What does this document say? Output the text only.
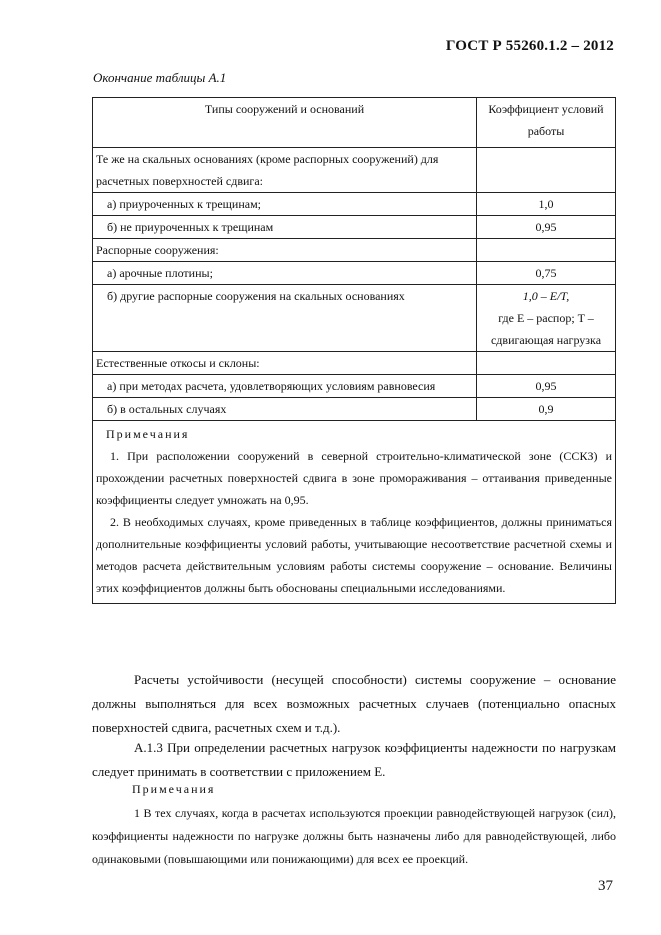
ГОСТ Р 55260.1.2 – 2012
Окончание таблицы А.1
Типы сооружений и оснований	Коэффициент условий работы
Те же на скальных основаниях (кроме распорных сооружений) для расчетных поверхностей сдвига:	
а) приуроченных к трещинам;	1,0
б) не приуроченных к трещинам	0,95
Распорные сооружения:	
а) арочные плотины;	0,75
б) другие распорные сооружения на скальных основаниях	1,0 – E/T,
где E – распор; T –
сдвигающая нагрузка

Естественные откосы и склоны:	
а) при методах расчета, удовлетворяющих условиям равновесия	0,95
б) в остальных случаях	0,9

Примечания
1. При расположении сооружений в северной строительно-климатической зоне (ССКЗ) и прохождении расчетных поверхностей сдвига в зоне промораживания – оттаивания приведенные коэффициенты следует умножать на 0,95.
2. В необходимых случаях, кроме приведенных в таблице коэффициентов, должны приниматься дополнительные коэффициенты условий работы, учитывающие несоответствие расчетной схемы и методов расчета действительным условиям работы системы сооружение – основание. Величины этих коэффициентов должны быть обоснованы специальными исследованиями.	
Расчеты устойчивости (несущей способности) системы сооружение – основание должны выполняться для всех возможных расчетных случаев (потенциально опасных поверхностей сдвига, расчетных схем и т.д.).
А.1.3 При определении расчетных нагрузок коэффициенты надежности по нагрузкам следует принимать в соответствии с приложением Е.
Примечания
1 В тех случаях, когда в расчетах используются проекции равнодействующей нагрузок (сил), коэффициенты надежности по нагрузке должны быть назначены либо для равнодействующей, либо одинаковыми (повышающими или понижающими) для всех ее проекций.
37
